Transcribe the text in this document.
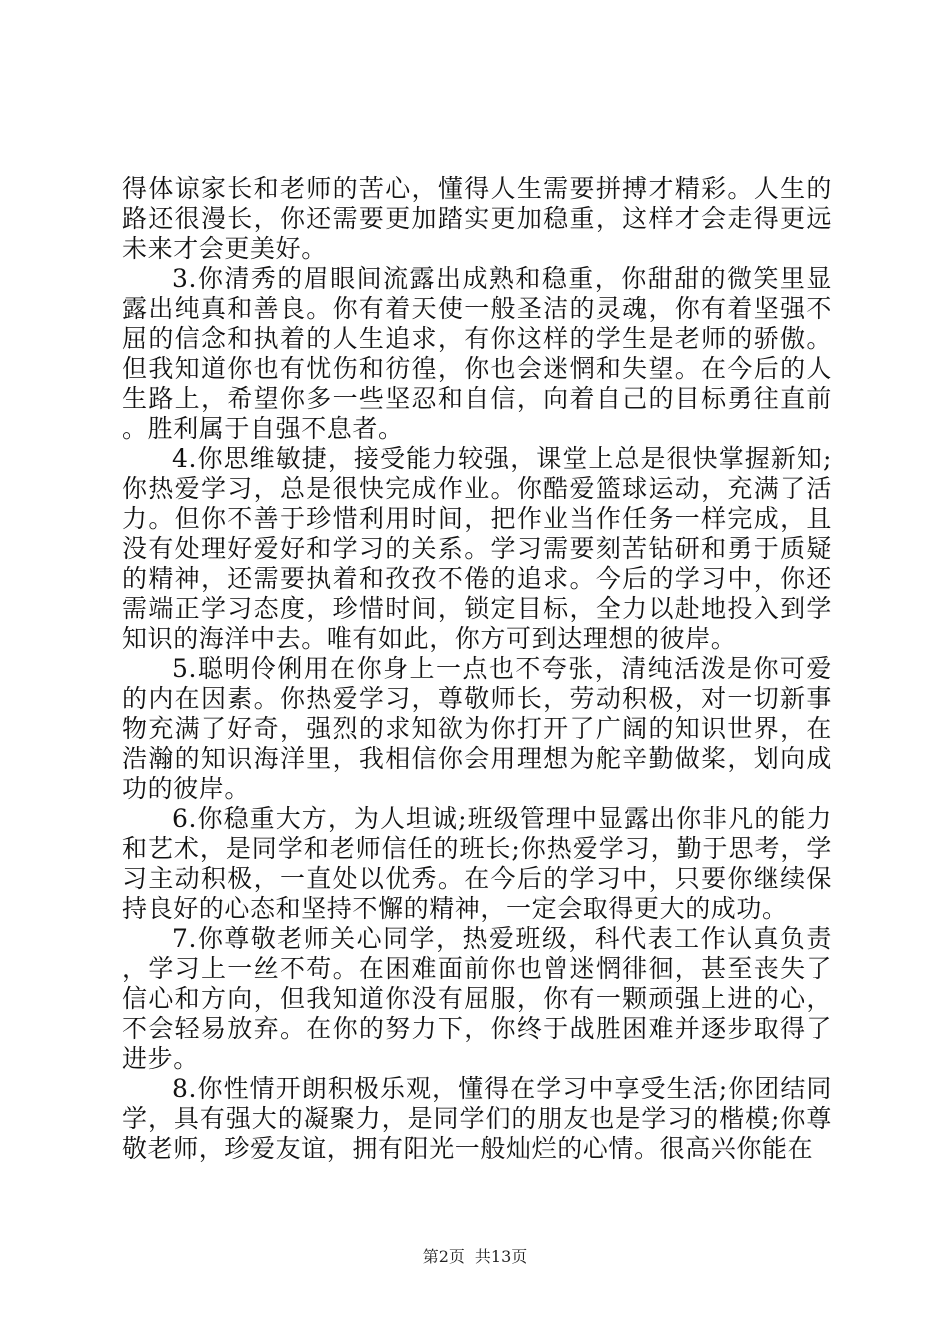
得体谅家长和老师的苦心，懂得人生需要拼搏才精彩。人生的路还很漫长，你还需要更加踏实更加稳重，这样才会走得更远未来才会更美好。

3.你清秀的眉眼间流露出成熟和稳重，你甜甜的微笑里显露出纯真和善良。你有着天使一般圣洁的灵魂，你有着坚强不屈的信念和执着的人生追求，有你这样的学生是老师的骄傲。但我知道你也有忧伤和彷徨，你也会迷惘和失望。在今后的人生路上，希望你多一些坚忍和自信，向着自己的目标勇往直前。胜利属于自强不息者。

4.你思维敏捷，接受能力较强，课堂上总是很快掌握新知;你热爱学习，总是很快完成作业。你酷爱篮球运动，充满了活力。但你不善于珍惜利用时间，把作业当作任务一样完成，且没有处理好爱好和学习的关系。学习需要刻苦钻研和勇于质疑的精神，还需要执着和孜孜不倦的追求。今后的学习中，你还需端正学习态度，珍惜时间，锁定目标，全力以赴地投入到学知识的海洋中去。唯有如此，你方可到达理想的彼岸。

5.聪明伶俐用在你身上一点也不夸张，清纯活泼是你可爱的内在因素。你热爱学习，尊敬师长，劳动积极，对一切新事物充满了好奇，强烈的求知欲为你打开了广阔的知识世界，在浩瀚的知识海洋里，我相信你会用理想为舵辛勤做桨，划向成功的彼岸。

6.你稳重大方，为人坦诚;班级管理中显露出你非凡的能力和艺术，是同学和老师信任的班长;你热爱学习，勤于思考，学习主动积极，一直处以优秀。在今后的学习中，只要你继续保持良好的心态和坚持不懈的精神，一定会取得更大的成功。

7.你尊敬老师关心同学，热爱班级，科代表工作认真负责，学习上一丝不苟。在困难面前你也曾迷惘徘徊，甚至丧失了信心和方向，但我知道你没有屈服，你有一颗顽强上进的心，不会轻易放弃。在你的努力下，你终于战胜困难并逐步取得了进步。

8.你性情开朗积极乐观，懂得在学习中享受生活;你团结同学，具有强大的凝聚力，是同学们的朋友也是学习的楷模;你尊敬老师，珍爱友谊，拥有阳光一般灿烂的心情。很高兴你能在

第2页 共13页
